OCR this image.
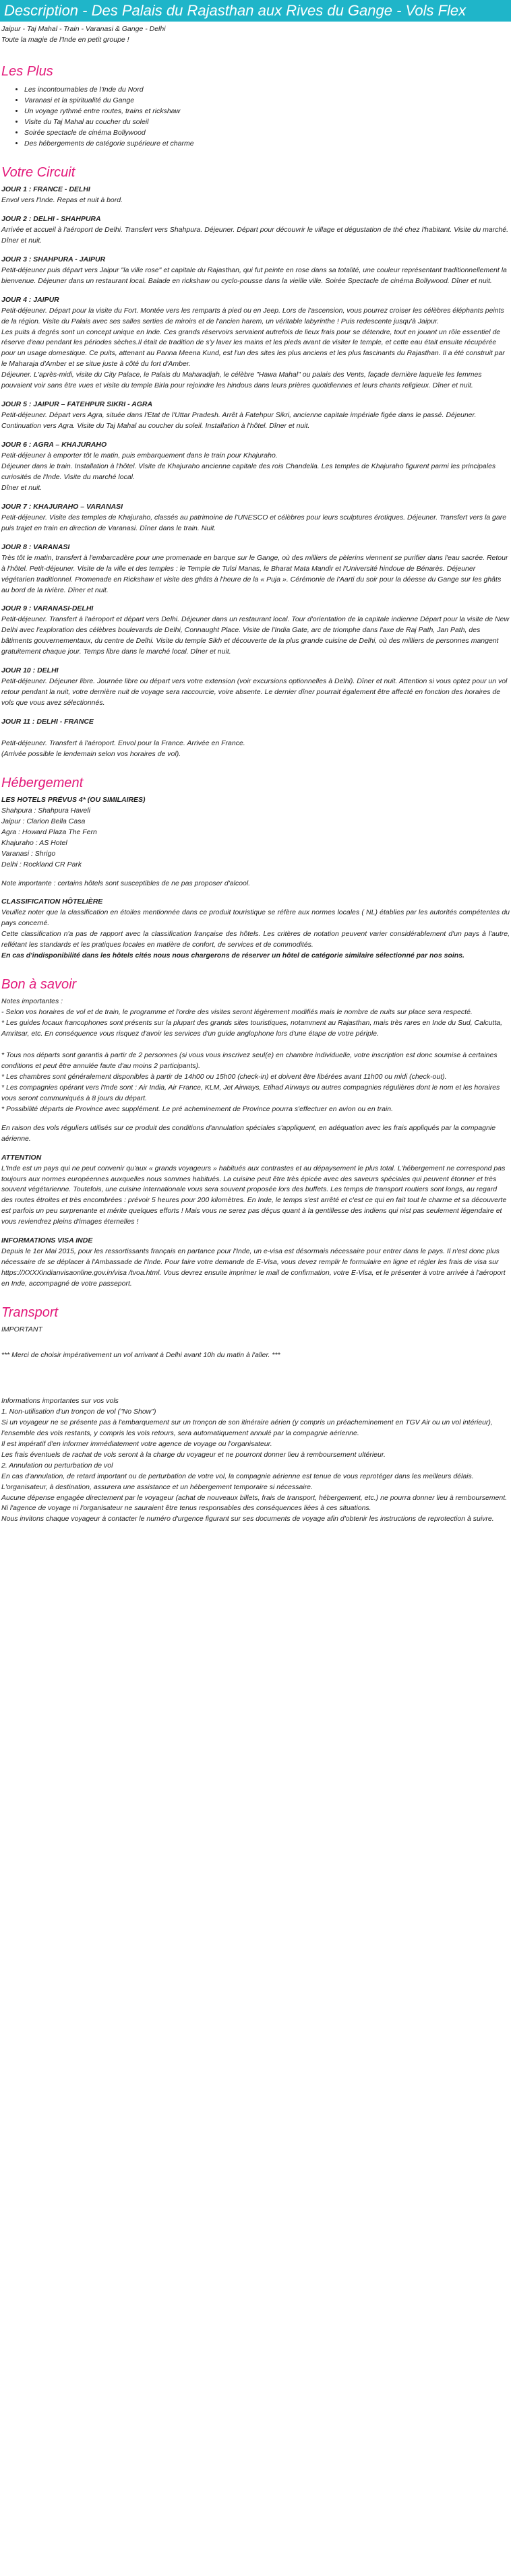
Description - Des Palais du Rajasthan aux Rives du Gange - Vols Flex

Jaipur - Taj Mahal - Train - Varanasi & Gange - Delhi

Toute la magie de l'Inde en petit groupe !

Les Plus
• Les incontournables de l'Inde du Nord
• Varanasi et la spiritualité du Gange
• Un voyage rythmé entre routes, trains et rickshaw
• Visite du Taj Mahal au coucher du soleil
• Soirée spectacle de cinéma Bollywood
• Des hébergements de catégorie supérieure et charme
Votre Circuit

JOUR 1 : FRANCE - DELHI

Envol vers l'Inde. Repas et nuit à bord.

JOUR 2 : DELHI - SHAHPURA

Arrivée et accueil à l'aéroport de Delhi. Transfert vers Shahpura. Déjeuner. Départ pour découvrir le village et dégustation de thé chez l'habitant. Visite du marché. Dîner et nuit.

JOUR 3 : SHAHPURA - JAIPUR

Petit-déjeuner puis départ vers Jaipur "la ville rose" et capitale du Rajasthan, qui fut peinte en rose dans sa totalité, une couleur représentant traditionnellement la bienvenue. Déjeuner dans un restaurant local. Balade en rickshaw ou cyclo-pousse dans la vieille ville. Soirée Spectacle de cinéma Bollywood. Dîner et nuit.

JOUR 4 : JAIPUR

Petit-déjeuner. Départ pour la visite du Fort. Montée vers les remparts à pied ou en Jeep. Lors de l'ascension, vous pourrez croiser les célèbres éléphants peints de la région. Visite du Palais avec ses salles serties de miroirs et de l'ancien harem, un véritable labyrinthe ! Puis redescente jusqu'à Jaipur.

Les puits à degrés sont un concept unique en Inde. Ces grands réservoirs servaient autrefois de lieux frais pour se détendre, tout en jouant un rôle essentiel de réserve d'eau pendant les périodes sèches.Il était de tradition de s'y laver les mains et les pieds avant de visiter le temple, et cette eau était ensuite récupérée pour un usage domestique. Ce puits, attenant au Panna Meena Kund, est l'un des sites les plus anciens et les plus fascinants du Rajasthan. Il a été construit par le Maharaja d'Amber et se situe juste à côté du fort d'Amber.

Déjeuner. L'après-midi, visite du City Palace, le Palais du Maharadjah, le célèbre "Hawa Mahal" ou palais des Vents, façade dernière laquelle les femmes pouvaient voir sans être vues et visite du temple Birla pour rejoindre les hindous dans leurs prières quotidiennes et leurs chants religieux. Dîner et nuit.

JOUR 5 : JAIPUR – FATEHPUR SIKRI - AGRA

Petit-déjeuner. Départ vers Agra, située dans l'Etat de l'Uttar Pradesh. Arrêt à Fatehpur Sikri, ancienne capitale impériale figée dans le passé. Déjeuner. Continuation vers Agra. Visite du Taj Mahal au coucher du soleil. Installation à l'hôtel. Dîner et nuit.

JOUR 6 : AGRA – KHAJURAHO

Petit-déjeuner à emporter tôt le matin, puis embarquement dans le train pour Khajuraho.

Déjeuner dans le train. Installation à l'hôtel. Visite de Khajuraho ancienne capitale des rois Chandella. Les temples de Khajuraho figurent parmi les principales curiosités de l'Inde. Visite du marché local.

Dîner et nuit.

JOUR 7 : KHAJURAHO – VARANASI

Petit-déjeuner. Visite des temples de Khajuraho, classés au patrimoine de l'UNESCO et célèbres pour leurs sculptures érotiques. Déjeuner. Transfert vers la gare puis trajet en train en direction de Varanasi. Dîner dans le train. Nuit.

JOUR 8 : VARANASI

Très tôt le matin, transfert à l'embarcadère pour une promenade en barque sur le Gange, où des milliers de pèlerins viennent se purifier dans l'eau sacrée. Retour à l'hôtel. Petit-déjeuner. Visite de la ville et des temples : le Temple de Tulsi Manas, le Bharat Mata Mandir et l'Université hindoue de Bénarès. Déjeuner végétarien traditionnel. Promenade en Rickshaw et visite des ghâts à l'heure de la « Puja ». Cérémonie de l'Aarti du soir pour la déesse du Gange sur les ghâts au bord de la rivière. Dîner et nuit.

JOUR 9 : VARANASI-DELHI

Petit-déjeuner. Transfert à l'aéroport et départ vers Delhi. Déjeuner dans un restaurant local. Tour d'orientation de la capitale indienne Départ pour la visite de New Delhi avec l'exploration des célèbres boulevards de Delhi, Connaught Place. Visite de l'India Gate, arc de triomphe dans l'axe de Raj Path, Jan Path, des bâtiments gouvernementaux, du centre de Delhi. Visite du temple Sikh et découverte de la plus grande cuisine de Delhi, où des milliers de personnes mangent gratuitement chaque jour. Temps libre dans le marché local. Dîner et nuit.

JOUR 10 : DELHI

Petit-déjeuner. Déjeuner libre. Journée libre ou départ vers votre extension (voir excursions optionnelles à Delhi). Dîner et nuit. Attention si vous optez pour un vol retour pendant la nuit, votre dernière nuit de voyage sera raccourcie, voire absente. Le dernier dîner pourrait également être affecté en fonction des horaires de vols que vous avez sélectionnés.

JOUR 11 : DELHI - FRANCE

Petit-déjeuner. Transfert à l'aéroport. Envol pour la France. Arrivée en France.

(Arrivée possible le lendemain selon vos horaires de vol).

Hébergement

LES HOTELS PRÉVUS 4* (OU SIMILAIRES)

Shahpura : Shahpura Haveli

Jaipur : Clarion Bella Casa

Agra : Howard Plaza The Fern

Khajuraho : AS Hotel

Varanasi : Shrigo

Delhi : Rockland CR Park

Note importante : certains hôtels sont susceptibles de ne pas proposer d'alcool.

CLASSIFICATION HÔTELIÈRE

Veuillez noter que la classification en étoiles mentionnée dans ce produit touristique se réfère aux normes locales ( NL) établies par les autorités compétentes du pays concerné.

Cette classification n'a pas de rapport avec la classification française des hôtels. Les critères de notation peuvent varier considérablement d'un pays à l'autre, reflétant les standards et les pratiques locales en matière de confort, de services et de commodités.

En cas d'indisponibilité dans les hôtels cités nous nous chargerons de réserver un hôtel de catégorie similaire sélectionné par nos soins.

Bon à savoir

Notes importantes :

- Selon vos horaires de vol et de train, le programme et l'ordre des visites seront légèrement modifiés mais le nombre de nuits sur place sera respecté.

* Les guides locaux francophones sont présents sur la plupart des grands sites touristiques, notamment au Rajasthan, mais très rares en Inde du Sud, Calcutta, Amritsar, etc. En conséquence vous risquez d'avoir les services d'un guide anglophone lors d'une étape de votre périple.

* Tous nos départs sont garantis à partir de 2 personnes (si vous vous inscrivez seul(e) en chambre individuelle, votre inscription est donc soumise à certaines conditions et peut être annulée faute d'au moins 2 participants).

* Les chambres sont généralement disponibles à partir de 14h00 ou 15h00 (check-in) et doivent être libérées avant 11h00 ou midi (check-out).

* Les compagnies opérant vers l'Inde sont : Air India, Air France, KLM, Jet Airways, Etihad Airways ou autres compagnies régulières dont le nom et les horaires vous seront communiqués à 8 jours du départ.

* Possibilité départs de Province avec supplément. Le pré acheminement de Province pourra s'effectuer en avion ou en train.

En raison des vols réguliers utilisés sur ce produit des conditions d'annulation spéciales s'appliquent, en adéquation avec les frais appliqués par la compagnie aérienne.

ATTENTION

L'Inde est un pays qui ne peut convenir qu'aux « grands voyageurs » habitués aux contrastes et au dépaysement le plus total. L'hébergement ne correspond pas toujours aux normes européennes auxquelles nous sommes habitués. La cuisine peut être très épicée avec des saveurs spéciales qui peuvent étonner et très souvent végétarienne. Toutefois, une cuisine internationale vous sera souvent proposée lors des buffets. Les temps de transport routiers sont longs, au regard des routes étroites et très encombrées : prévoir 5 heures pour 200 kilomètres. En Inde, le temps s'est arrêté et c'est ce qui en fait tout le charme et sa découverte est parfois un peu surprenante et mérite quelques efforts ! Mais vous ne serez pas déçus quant à la gentillesse des indiens qui nist pas seulement légendaire et vous reviendrez pleins d'images éternelles !

INFORMATIONS VISA INDE

Depuis le 1er Mai 2015, pour les ressortissants français en partance pour l'Inde, un e-visa est désormais nécessaire pour entrer dans le pays. Il n'est donc plus nécessaire de se déplacer à l'Ambassade de l'Inde. Pour faire votre demande de E-Visa, vous devez remplir le formulaire en ligne et régler les frais de visa sur https://XXXXindianvisaonline.gov.in/visa /tvoa.html. Vous devrez ensuite imprimer le mail de confirmation, votre E-Visa, et le présenter à votre arrivée à l'aéroport en Inde, accompagné de votre passeport.

Transport

IMPORTANT

*** Merci de choisir impérativement un vol arrivant à Delhi avant 10h du matin à l'aller. ***

Informations importantes sur vos vols

1. Non-utilisation d'un tronçon de vol ("No Show")

Si un voyageur ne se présente pas à l'embarquement sur un tronçon de son itinéraire aérien (y compris un préacheminement en TGV Air ou un vol intérieur), l'ensemble des vols restants, y compris les vols retours, sera automatiquement annulé par la compagnie aérienne.

Il est impératif d'en informer immédiatement votre agence de voyage ou l'organisateur.

Les frais éventuels de rachat de vols seront à la charge du voyageur et ne pourront donner lieu à remboursement ultérieur.

2. Annulation ou perturbation de vol

En cas d'annulation, de retard important ou de perturbation de votre vol, la compagnie aérienne est tenue de vous reprotéger dans les meilleurs délais.

L'organisateur, à destination, assurera une assistance et un hébergement temporaire si nécessaire.

Aucune dépense engagée directement par le voyageur (achat de nouveaux billets, frais de transport, hébergement, etc.) ne pourra donner lieu à remboursement.

Ni l'agence de voyage ni l'organisateur ne sauraient être tenus responsables des conséquences liées à ces situations.

Nous invitons chaque voyageur à contacter le numéro d'urgence figurant sur ses documents de voyage afin d'obtenir les instructions de reprotection à suivre.
